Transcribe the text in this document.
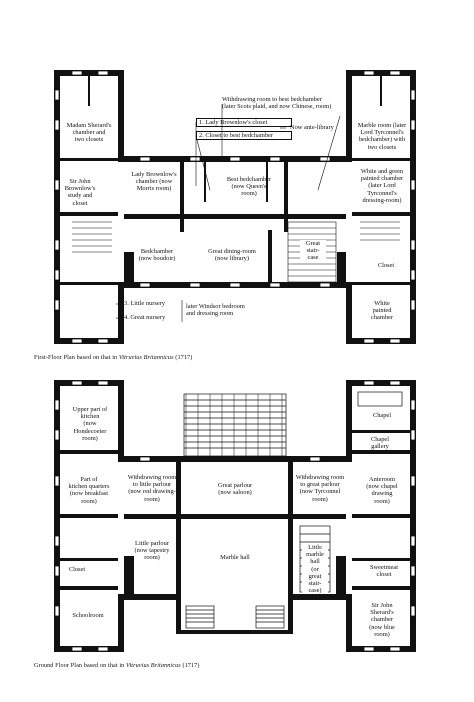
Madam Sherard's
chamber and
two closets
Sir John
Brownlow's
study and
closet
Lady Brownlow's
chamber (now
Morris room)
Best bedchamber
(now Queen's
room)
Marble room (later
Lord Tyrconnel's
bedchamber) with
two closets
White and green
painted chamber
(later Lord
Tyrconnel's
dressing-room)
Bedchamber
(now boudoir)
Great dining-room
(now library)
Great
stair-
case
Closet
White
painted
chamber
Withdrawing room to best bedchamber
(later Scots plaid, and now Chinese, room)
1. Lady Brownlow's closet
2. Closet to best bedchamber
Now ante-library
3. Little nursery
4. Great nursery
later Windsor bedroom
and dressing room
First-Floor Plan based on that in Vitruvius Britannicus (1717)
Upper part of
kitchen
(now
Hondecoeter
room)
Part of
kitchen quarters
(now breakfast
room)
Closet
Schoolroom
Withdrawing room
to little parlour
(now red drawing-
room)
Great parlour
(now saloon)
Withdrawing room
to great parlour
(now Tyrconnel
room)
Little parlour
(now tapestry
room)	Marble hall
Little
marble
hall
(or
great
stair-
case)
Chapel
Chapel
gallery
Anteroom
(now chapel
drawing
room)
Sweetmeat
closet
Sir John
Sherard's
chamber
(now blue
room)
Ground Floor Plan based on that in Vitruvius Britannicus (1717)
